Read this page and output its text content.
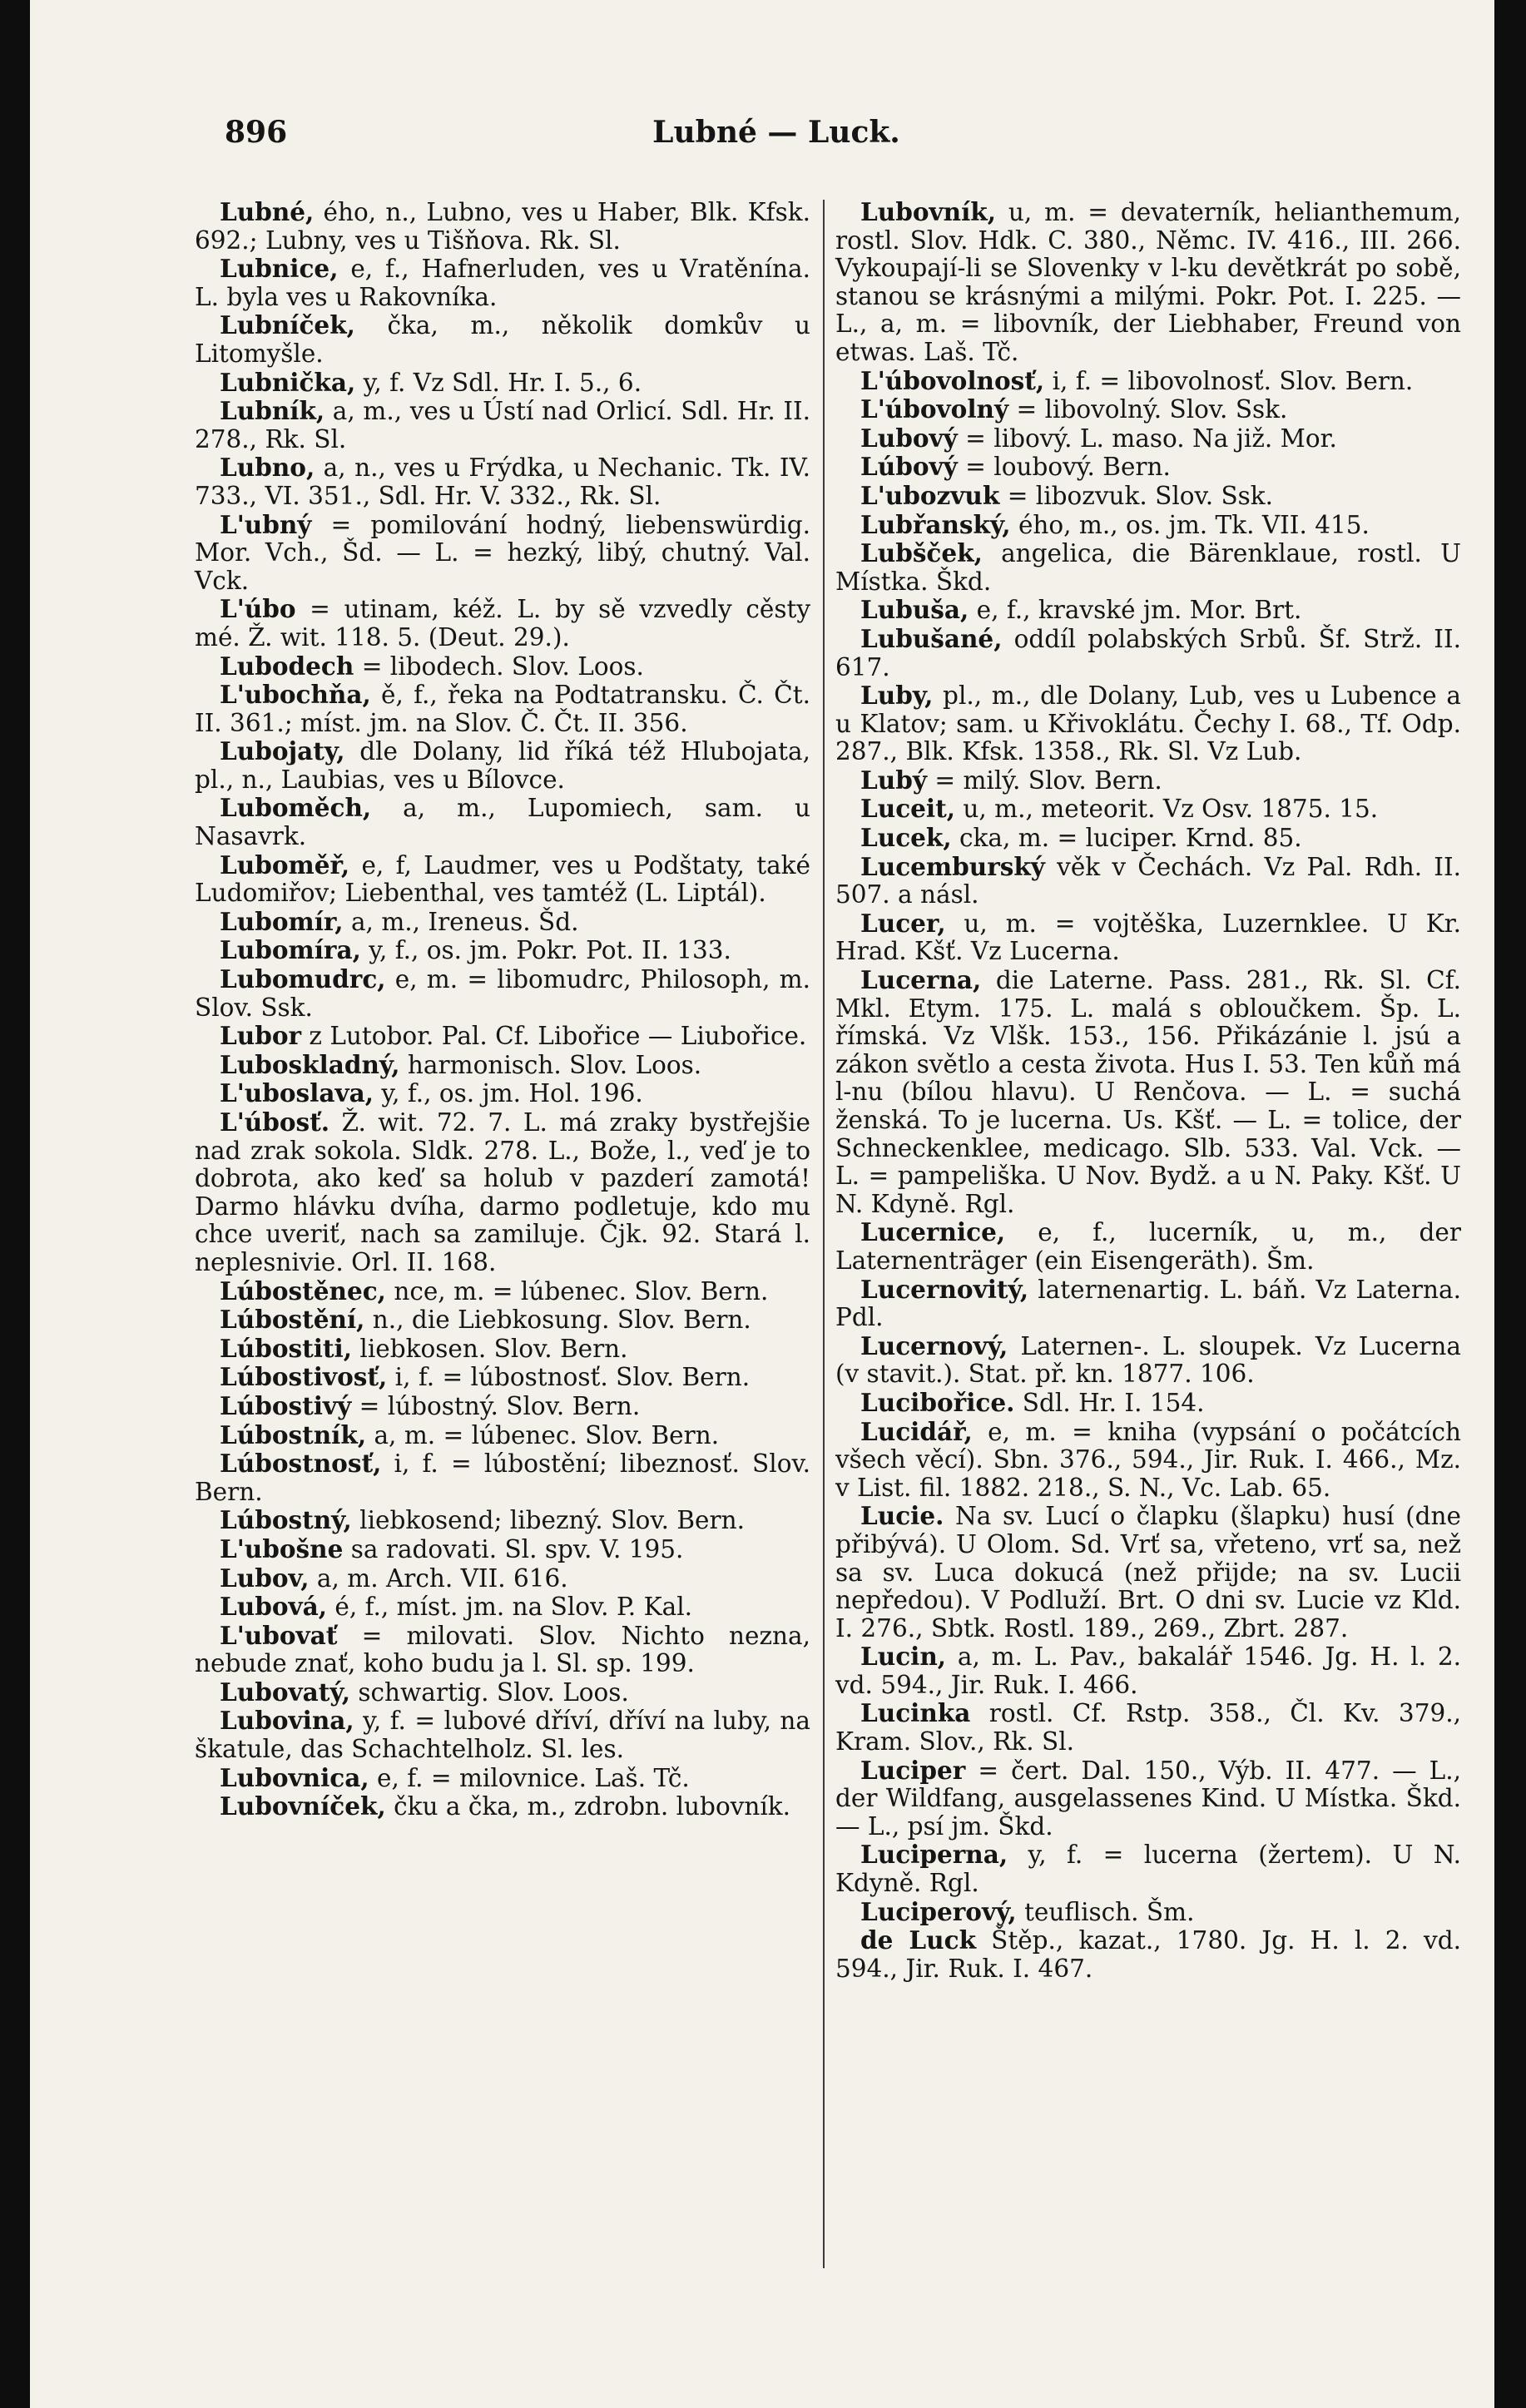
896	Lubné — Luck.

Lubné, ého, n., Lubno, ves u Haber, Blk. Kfsk. 692.; Lubny, ves u Tišňova. Rk. Sl.

Lubnice, e, f., Hafnerluden, ves u Vratěnína. L. byla ves u Rakovníka.

Lubníček, čka, m., několik domkův u Litomyšle.

Lubnička, y, f. Vz Sdl. Hr. I. 5., 6.

Lubník, a, m., ves u Ústí nad Orlicí. Sdl. Hr. II. 278., Rk. Sl.

Lubno, a, n., ves u Frýdka, u Nechanic. Tk. IV. 733., VI. 351., Sdl. Hr. V. 332., Rk. Sl.

L'ubný = pomilování hodný, liebenswürdig. Mor. Vch., Šd. — L. = hezký, libý, chutný. Val. Vck.

L'úbo = utinam, kéž. L. by sě vzvedly cěsty mé. Ž. wit. 118. 5. (Deut. 29.).

Lubodech = libodech. Slov. Loos.

L'ubochňa, ě, f., řeka na Podtatransku. Č. Čt. II. 361.; míst. jm. na Slov. Č. Čt. II. 356.

Lubojaty, dle Dolany, lid říká též Hlubojata, pl., n., Laubias, ves u Bílovce.

Luboměch, a, m., Lupomiech, sam. u Nasavrk.

Luboměř, e, f, Laudmer, ves u Podštaty, také Ludomiřov; Liebenthal, ves tamtéž (L. Liptál).

Lubomír, a, m., Ireneus. Šd.

Lubomíra, y, f., os. jm. Pokr. Pot. II. 133.

Lubomudrc, e, m. = libomudrc, Philosoph, m. Slov. Ssk.

Lubor z Lutobor. Pal. Cf. Libořice — Liubořice.

Luboskladný, harmonisch. Slov. Loos.

L'uboslava, y, f., os. jm. Hol. 196.

L'úbosť. Ž. wit. 72. 7. L. má zraky bystřejšie nad zrak sokola. Sldk. 278. L., Bože, l., veď je to dobrota, ako keď sa holub v pazderí zamotá! Darmo hlávku dvíha, darmo podletuje, kdo mu chce uveriť, nach sa zamiluje. Čjk. 92. Stará l. neplesnivie. Orl. II. 168.

Lúbostěnec, nce, m. = lúbenec. Slov. Bern.

Lúbostění, n., die Liebkosung. Slov. Bern.

Lúbostiti, liebkosen. Slov. Bern.

Lúbostivosť, i, f. = lúbostnosť. Slov. Bern.

Lúbostivý = lúbostný. Slov. Bern.

Lúbostník, a, m. = lúbenec. Slov. Bern.

Lúbostnosť, i, f. = lúbostění; libeznosť. Slov. Bern.

Lúbostný, liebkosend; libezný. Slov. Bern.

L'ubošne sa radovati. Sl. spv. V. 195.

Lubov, a, m. Arch. VII. 616.

Lubová, é, f., míst. jm. na Slov. P. Kal.

L'ubovať = milovati. Slov. Nichto nezna, nebude znať, koho budu ja l. Sl. sp. 199.

Lubovatý, schwartig. Slov. Loos.

Lubovina, y, f. = lubové dříví, dříví na luby, na škatule, das Schachtelholz. Sl. les.

Lubovnica, e, f. = milovnice. Laš. Tč.

Lubovníček, čku a čka, m., zdrobn. lubovník.

Lubovník, u, m. = devaterník, helianthemum, rostl. Slov. Hdk. C. 380., Němc. IV. 416., III. 266. Vykoupají-li se Slovenky v l-ku devětkrát po sobě, stanou se krásnými a milými. Pokr. Pot. I. 225. — L., a, m. = libovník, der Liebhaber, Freund von etwas. Laš. Tč.

L'úbovolnosť, i, f. = libovolnosť. Slov. Bern.

L'úbovolný = libovolný. Slov. Ssk.

Lubový = libový. L. maso. Na již. Mor.

Lúbový = loubový. Bern.

L'ubozvuk = libozvuk. Slov. Ssk.

Lubřanský, ého, m., os. jm. Tk. VII. 415.

Lubšček, angelica, die Bärenklaue, rostl. U Místka. Škd.

Lubuša, e, f., kravské jm. Mor. Brt.

Lubušané, oddíl polabských Srbů. Šf. Strž. II. 617.

Luby, pl., m., dle Dolany, Lub, ves u Lubence a u Klatov; sam. u Křivoklátu. Čechy I. 68., Tf. Odp. 287., Blk. Kfsk. 1358., Rk. Sl. Vz Lub.

Lubý = milý. Slov. Bern.

Luceit, u, m., meteorit. Vz Osv. 1875. 15.

Lucek, cka, m. = luciper. Krnd. 85.

Lucemburský věk v Čechách. Vz Pal. Rdh. II. 507. a násl.

Lucer, u, m. = vojtěška, Luzernklee. U Kr. Hrad. Kšť. Vz Lucerna.

Lucerna, die Laterne. Pass. 281., Rk. Sl. Cf. Mkl. Etym. 175. L. malá s obloučkem. Šp. L. římská. Vz Vlšk. 153., 156. Přikázánie l. jsú a zákon světlo a cesta života. Hus I. 53. Ten kůň má l-nu (bílou hlavu). U Renčova. — L. = suchá ženská. To je lucerna. Us. Kšť. — L. = tolice, der Schneckenklee, medicago. Slb. 533. Val. Vck. — L. = pampeliška. U Nov. Bydž. a u N. Paky. Kšť. U N. Kdyně. Rgl.

Lucernice, e, f., lucerník, u, m., der Laternenträger (ein Eisengeräth). Šm.

Lucernovitý, laternenartig. L. báň. Vz Laterna. Pdl.

Lucernový, Laternen-. L. sloupek. Vz Lucerna (v stavit.). Stat. př. kn. 1877. 106.

Lucibořice. Sdl. Hr. I. 154.

Lucidář, e, m. = kniha (vypsání o počátcích všech věcí). Sbn. 376., 594., Jir. Ruk. I. 466., Mz. v List. fil. 1882. 218., S. N., Vc. Lab. 65.

Lucie. Na sv. Lucí o člapku (šlapku) husí (dne přibývá). U Olom. Sd. Vrť sa, vřeteno, vrť sa, než sa sv. Luca dokucá (než přijde; na sv. Lucii nepředou). V Podluží. Brt. O dni sv. Lucie vz Kld. I. 276., Sbtk. Rostl. 189., 269., Zbrt. 287.

Lucin, a, m. L. Pav., bakalář 1546. Jg. H. l. 2. vd. 594., Jir. Ruk. I. 466.

Lucinka rostl. Cf. Rstp. 358., Čl. Kv. 379., Kram. Slov., Rk. Sl.

Luciper = čert. Dal. 150., Výb. II. 477. — L., der Wildfang, ausgelassenes Kind. U Místka. Škd. — L., psí jm. Škd.

Luciperna, y, f. = lucerna (žertem). U N. Kdyně. Rgl.

Luciperový, teuflisch. Šm.

de Luck Štěp., kazat., 1780. Jg. H. l. 2. vd. 594., Jir. Ruk. I. 467.
